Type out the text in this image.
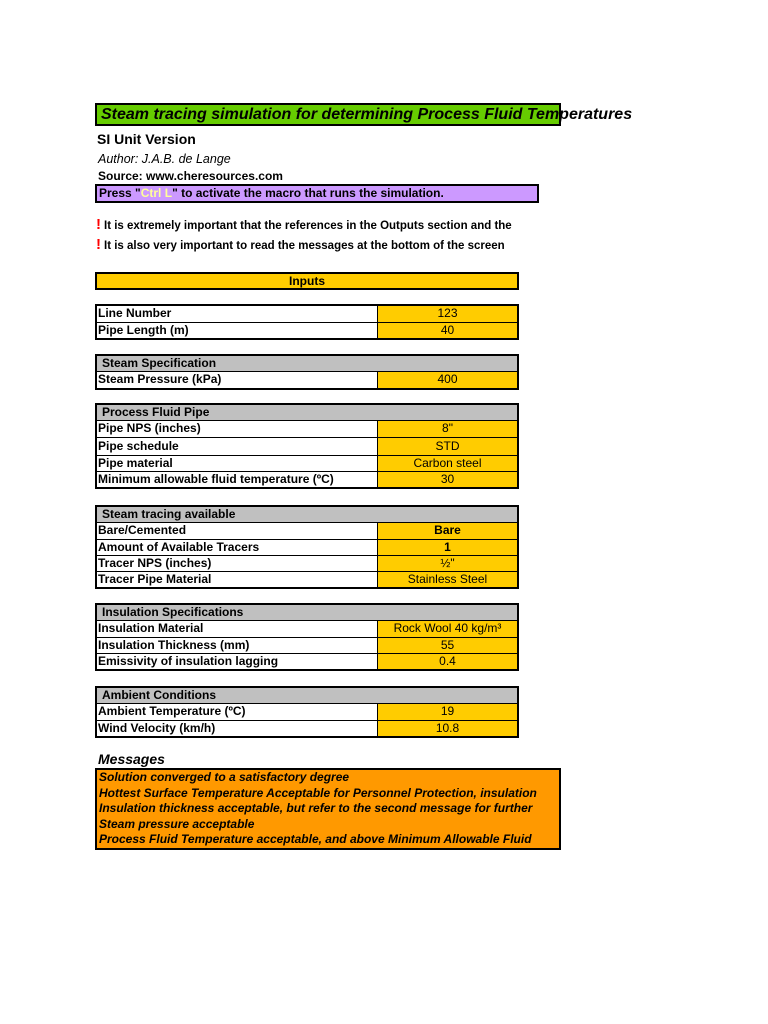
Steam tracing simulation for determining Process Fluid Temperatures
SI Unit Version
Author: J.A.B. de Lange
Source: www.cheresources.com
Press "Ctrl L" to activate the macro that runs the simulation.
! It is extremely important that the references in the Outputs section and the
! It is also very important to read the messages at the bottom of the screen
Inputs
Line Number	123
Pipe Length (m)	40
Steam Specification
Steam Pressure (kPa)	400
Process Fluid Pipe
Pipe NPS (inches)	8"
Pipe schedule	STD
Pipe material	Carbon steel
Minimum allowable fluid temperature (ºC)	30
Steam tracing available
Bare/Cemented	Bare
Amount of Available Tracers	1
Tracer NPS (inches)	½"
Tracer Pipe Material	Stainless Steel
Insulation Specifications
Insulation Material	Rock Wool 40 kg/m³
Insulation Thickness (mm)	55
Emissivity of insulation lagging	0.4
Ambient Conditions
Ambient Temperature (ºC)	19
Wind Velocity (km/h)	10.8
Messages
Solution converged to a satisfactory degree
Hottest Surface Temperature Acceptable for Personnel Protection, insulation
Insulation thickness acceptable, but refer to the second message for further
Steam pressure acceptable
Process Fluid Temperature acceptable, and above Minimum Allowable Fluid
